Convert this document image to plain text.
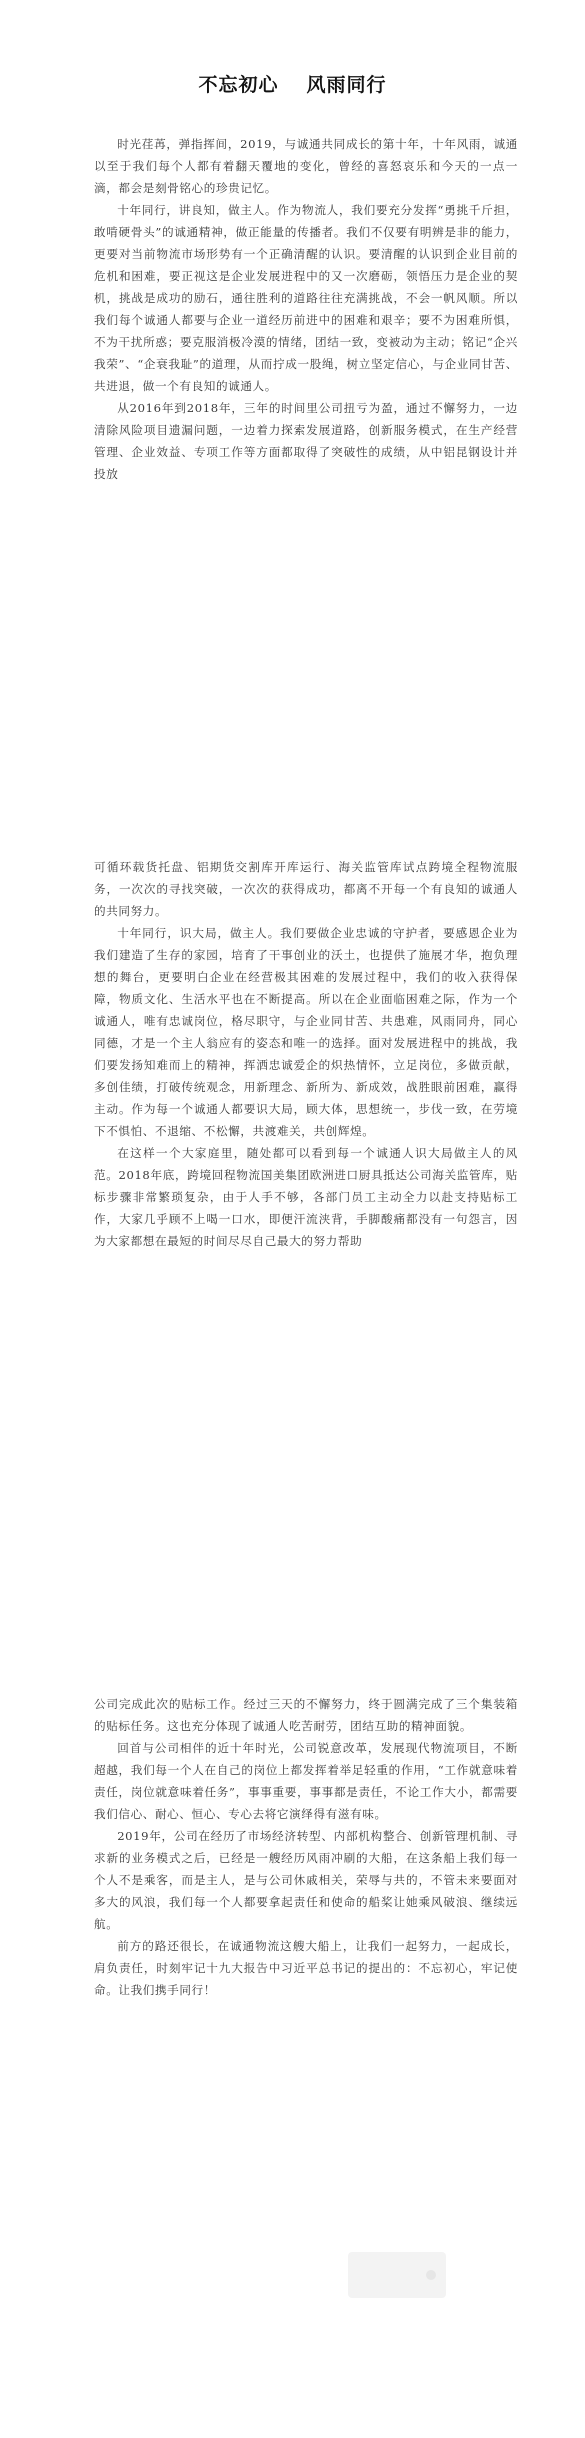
不忘初心 风雨同行

时光荏苒，弹指挥间，2019，与诚通共同成长的第十年，十年风雨，诚通以至于我们每个人都有着翻天覆地的变化，曾经的喜怒哀乐和今天的一点一滴，都会是刻骨铭心的珍贵记忆。

十年同行，讲良知，做主人。作为物流人，我们要充分发挥“勇挑千斤担，敢啃硬骨头”的诚通精神，做正能量的传播者。我们不仅要有明辨是非的能力，更要对当前物流市场形势有一个正确清醒的认识。要清醒的认识到企业目前的危机和困难，要正视这是企业发展进程中的又一次磨砺，领悟压力是企业的契机，挑战是成功的励石，通往胜利的道路往往充满挑战，不会一帆风顺。所以我们每个诚通人都要与企业一道经历前进中的困难和艰辛；要不为困难所惧，不为干扰所惑；要克服消极冷漠的情绪，团结一致，变被动为主动；铭记“企兴我荣”、“企衰我耻”的道理，从而拧成一股绳，树立坚定信心，与企业同甘苦、共进退，做一个有良知的诚通人。

从2016年到2018年，三年的时间里公司扭亏为盈，通过不懈努力，一边清除风险项目遗漏问题，一边着力探索发展道路，创新服务模式，在生产经营管理、企业效益、专项工作等方面都取得了突破性的成绩，从中铝昆钢设计并投放

可循环载货托盘、铝期货交割库开库运行、海关监管库试点跨境全程物流服务，一次次的寻找突破，一次次的获得成功，都离不开每一个有良知的诚通人的共同努力。

十年同行，识大局，做主人。我们要做企业忠诚的守护者，要感恩企业为我们建造了生存的家园，培育了干事创业的沃土，也提供了施展才华，抱负理想的舞台，更要明白企业在经营极其困难的发展过程中，我们的收入获得保障，物质文化、生活水平也在不断提高。所以在企业面临困难之际，作为一个诚通人，唯有忠诚岗位，格尽职守，与企业同甘苦、共患难，风雨同舟，同心同德，才是一个主人翁应有的姿态和唯一的选择。面对发展进程中的挑战，我们要发扬知难而上的精神，挥洒忠诚爱企的炽热情怀，立足岗位，多做贡献，多创佳绩，打破传统观念，用新理念、新所为、新成效，战胜眼前困难，赢得主动。作为每一个诚通人都要识大局，顾大体，思想统一，步伐一致，在劳境下不惧怕、不退缩、不松懈，共渡难关，共创辉煌。

在这样一个大家庭里，随处都可以看到每一个诚通人识大局做主人的风范。2018年底，跨境回程物流国美集团欧洲进口厨具抵达公司海关监管库，贴标步骤非常繁琐复杂，由于人手不够，各部门员工主动全力以赴支持贴标工作，大家几乎顾不上喝一口水，即便汗流浃背，手脚酸痛都没有一句怨言，因为大家都想在最短的时间尽尽自己最大的努力帮助

公司完成此次的贴标工作。经过三天的不懈努力，终于圆满完成了三个集装箱的贴标任务。这也充分体现了诚通人吃苦耐劳，团结互助的精神面貌。

回首与公司相伴的近十年时光，公司锐意改革，发展现代物流项目，不断超越，我们每一个人在自己的岗位上都发挥着举足轻重的作用，“工作就意味着责任，岗位就意味着任务”，事事重要，事事都是责任，不论工作大小，都需要我们信心、耐心、恒心、专心去将它演绎得有滋有味。

2019年，公司在经历了市场经济转型、内部机构整合、创新管理机制、寻求新的业务模式之后，已经是一艘经历风雨冲刷的大船，在这条船上我们每一个人不是乘客，而是主人，是与公司休戚相关，荣辱与共的，不管未来要面对多大的风浪，我们每一个人都要拿起责任和使命的船桨让她乘风破浪、继续远航。

前方的路还很长，在诚通物流这艘大船上，让我们一起努力，一起成长，肩负责任，时刻牢记十九大报告中习近平总书记的提出的：不忘初心，牢记使命。让我们携手同行！
